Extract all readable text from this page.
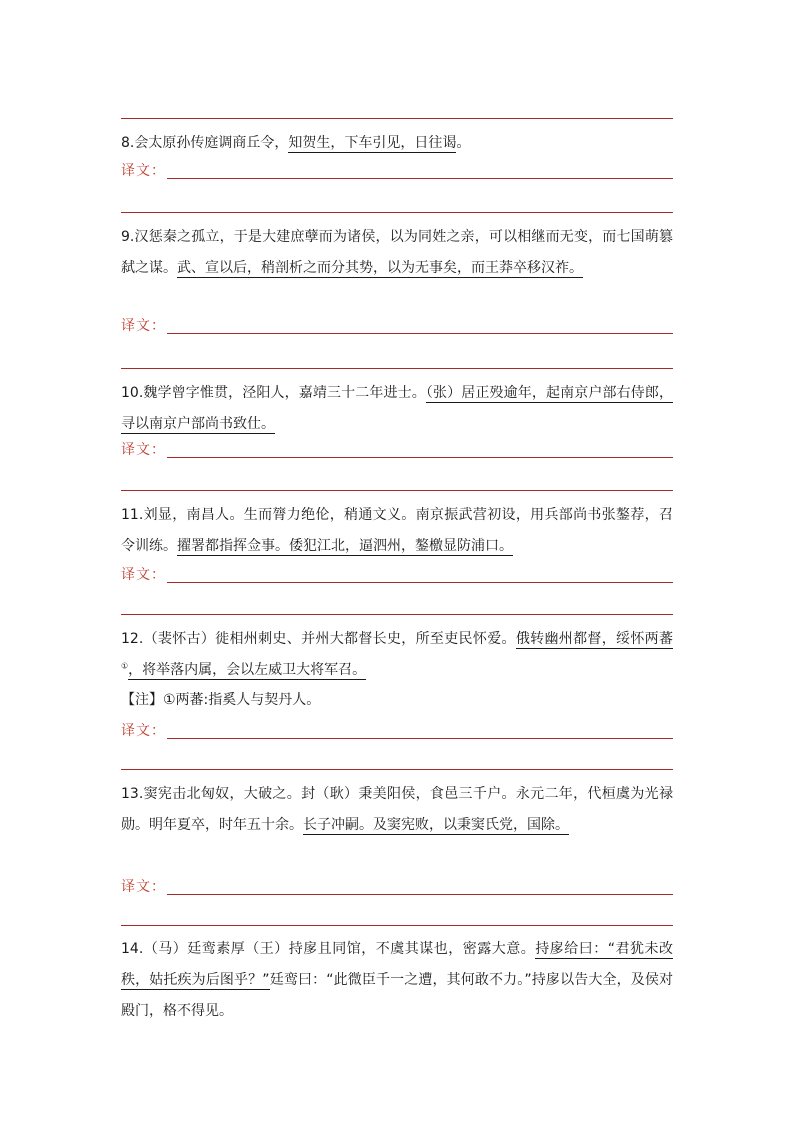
8.会太原孙传庭调商丘令，知贺生，下车引见，日往谒。
译文：
9.汉惩秦之孤立，于是大建庶孽而为诸侯，以为同姓之亲，可以相继而无变，而七国萌篡弑之谋。武、宣以后，稍剖析之而分其势，以为无事矣，而王莽卒移汉祚。
译文：
10.魏学曾字惟贯，泾阳人，嘉靖三十二年进士。（张）居正殁逾年，起南京户部右侍郎，寻以南京户部尚书致仕。
译文：
11.刘显，南昌人。生而膂力绝伦，稍通文义。南京振武营初设，用兵部尚书张鏊荐，召令训练。擢署都指挥佥事。倭犯江北，逼泗州，鏊檄显防浦口。
译文：
12.（裴怀古）徙相州刺史、并州大都督长史，所至吏民怀爱。俄转幽州都督，绥怀两蕃①，将举落内属，会以左威卫大将军召。
【注】①两蕃:指奚人与契丹人。
译文：
13.窦宪击北匈奴，大破之。封（耿）秉美阳侯，食邑三千户。永元二年，代桓虞为光禄勋。明年夏卒，时年五十余。长子冲嗣。及窦宪败，以秉窦氏党，国除。
译文：
14.（马）廷鸾素厚（王）持扅且同馆，不虞其谋也，密露大意。持扅给曰：“君犹未改秩，姑托疾为后图乎？”廷鸾曰：“此微臣千一之遭，其何敢不力。”持扅以告大全，及侯对殿门，格不得见。
